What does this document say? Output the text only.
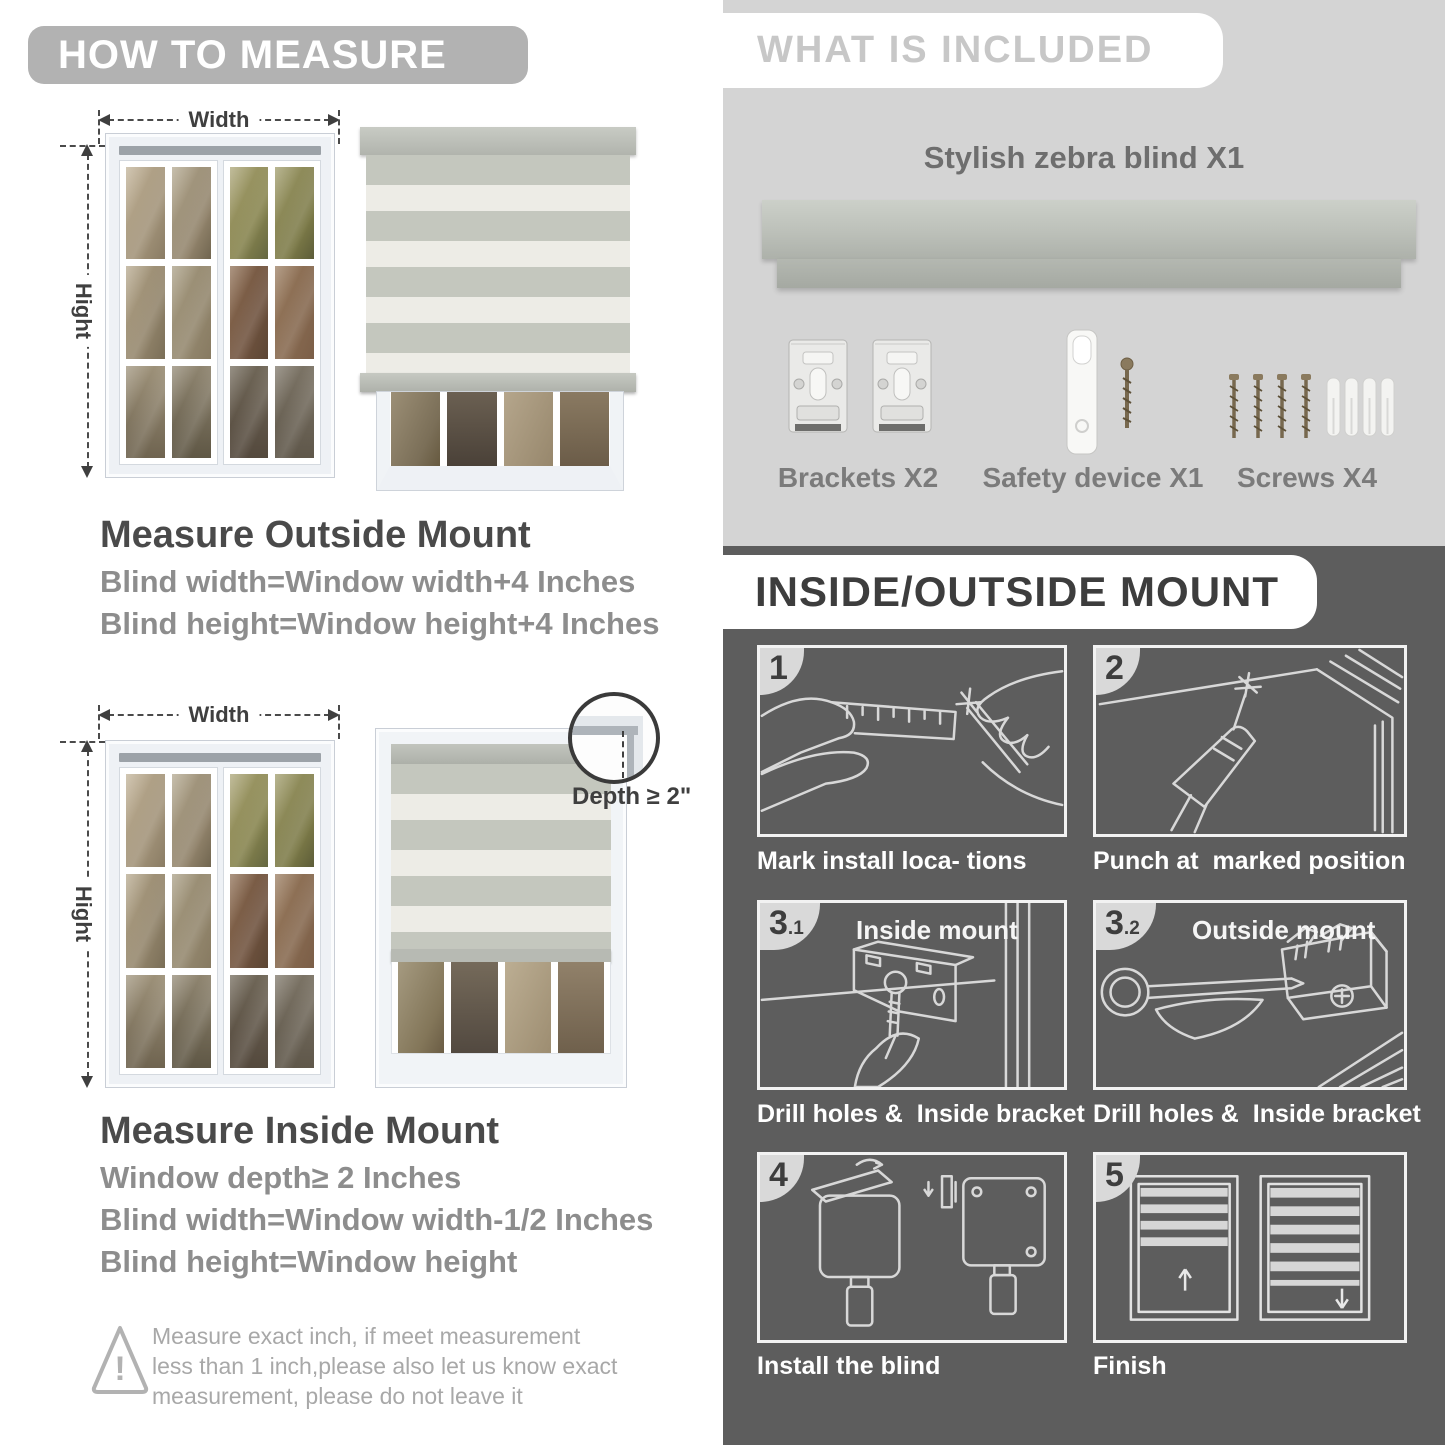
HOW TO MEASURE
Width
Hight
Measure Outside Mount
Blind width=Window width+4 Inches
Blind height=Window height+4 Inches
Width
Hight
Depth ≥ 2"
Measure Inside Mount
Window depth≥ 2 Inches
Blind width=Window width-1/2 Inches
Blind height=Window height
!
Measure exact inch, if meet measurement less than 1 inch,please also let us know exact measurement, please do not leave it
WHAT IS INCLUDED
Stylish zebra blind X1
Brackets X2 Safety device X1 Screws X4
INSIDE/OUTSIDE MOUNT
1
Mark install loca- tions
2
Punch at  marked position
3 .1 Inside mount
Drill holes &  Inside bracket
3 .2 Outside mount
Drill holes &  Inside bracket
4
Install the blind
5
Finish
